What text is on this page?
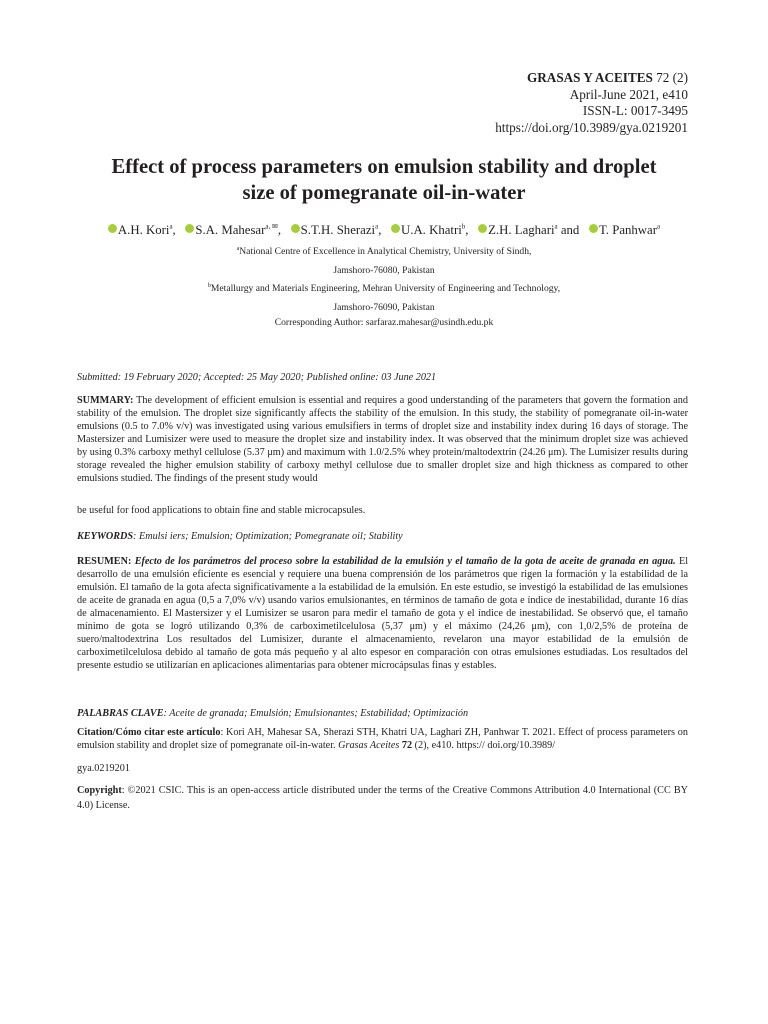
GRASAS Y ACEITES 72 (2)
April-June 2021, e410
ISSN-L: 0017-3495
https://doi.org/10.3989/gya.0219201
Effect of process parameters on emulsion stability and droplet
size of pomegranate oil-in-water
A.H. Kori$^a$,   S.A. Mahesar$^{a, ✉}$,   S.T.H. Sherazi$^a$,   U.A. Khatri$^b$,   Z.H. Laghari$^a$ and   T. Panhwar$^a$
$^a$National Centre of Excellence in Analytical Chemistry, University of Sindh,
Jamshoro-76080, Pakistan
$^b$Metallurgy and Materials Engineering, Mehran University of Engineering and Technology,
Jamshoro-76090, Pakistan
Corresponding Author: sarfaraz.mahesar@usindh.edu.pk
Submitted: 19 February 2020; Accepted: 25 May 2020; Published online: 03 June 2021
SUMMARY: The development of efficient emulsion is essential and requires a good understanding of the parameters that govern the formation and stability of the emulsion. The droplet size significantly affects the stability of the emulsion. In this study, the stability of pomegranate oil-in-water emulsions (0.5 to 7.0% v/v) was investigated using various emulsifiers in terms of droplet size and instability index during 16 days of storage. The Mastersizer and Lumisizer were used to measure the droplet size and instability index. It was observed that the minimum droplet size was achieved by using 0.3% carboxy methyl cellulose (5.37 μm) and maximum with 1.0/2.5% whey protein/maltodextrin (24.26 μm). The Lumisizer results during storage revealed the higher emulsion stability of carboxy methyl cellulose due to smaller droplet size and high thickness as compared to other emulsions studied. The findings of the present study would
be useful for food applications to obtain fine and stable microcapsules.
KEYWORDS: Emulsi iers; Emulsion; Optimization; Pomegranate oil; Stability
RESUMEN: Efecto de los parámetros del proceso sobre la estabilidad de la emulsión y el tamaño de la gota de aceite de granada en agua. El desarrollo de una emulsión eficiente es esencial y requiere una buena comprensión de los parámetros que rigen la formación y la estabilidad de la emulsión. El tamaño de la gota afecta significativamente a la estabilidad de la emulsión. En este estudio, se investigó la estabilidad de las emulsiones de aceite de granada en agua (0,5 a 7,0% v/v) usando varios emulsionantes, en términos de tamaño de gota e índice de inestabilidad, durante 16 días de almacenamiento. El Mastersizer y el Lumisizer se usaron para medir el tamaño de gota y el índice de inestabilidad. Se observó que, el tamaño mínimo de gota se logró utilizando 0,3% de carboximetilcelulosa (5,37 μm) y el máximo (24,26 μm), con 1,0/2,5% de proteína de suero/maltodextrina Los resultados del Lumisizer, durante el almacenamiento, revelaron una mayor estabilidad de la emulsión de carboximetilcelulosa debido al tamaño de gota más pequeño y al alto espesor en comparación con otras emulsiones estudiadas. Los resultados del presente estudio se utilizarían en aplicaciones alimentarias para obtener microcápsulas finas y estables.
PALABRAS CLAVE: Aceite de granada; Emulsión; Emulsionantes; Estabilidad; Optimización
Citation/Cómo citar este artículo: Kori AH, Mahesar SA, Sherazi STH, Khatri UA, Laghari ZH, Panhwar T. 2021. Effect of process parameters on emulsion stability and droplet size of pomegranate oil-in-water. Grasas Aceites 72 (2), e410. https:// doi.org/10.3989/
gya.0219201
Copyright: ©2021 CSIC. This is an open-access article distributed under the terms of the Creative Commons Attribution 4.0 International (CC BY 4.0) License.
